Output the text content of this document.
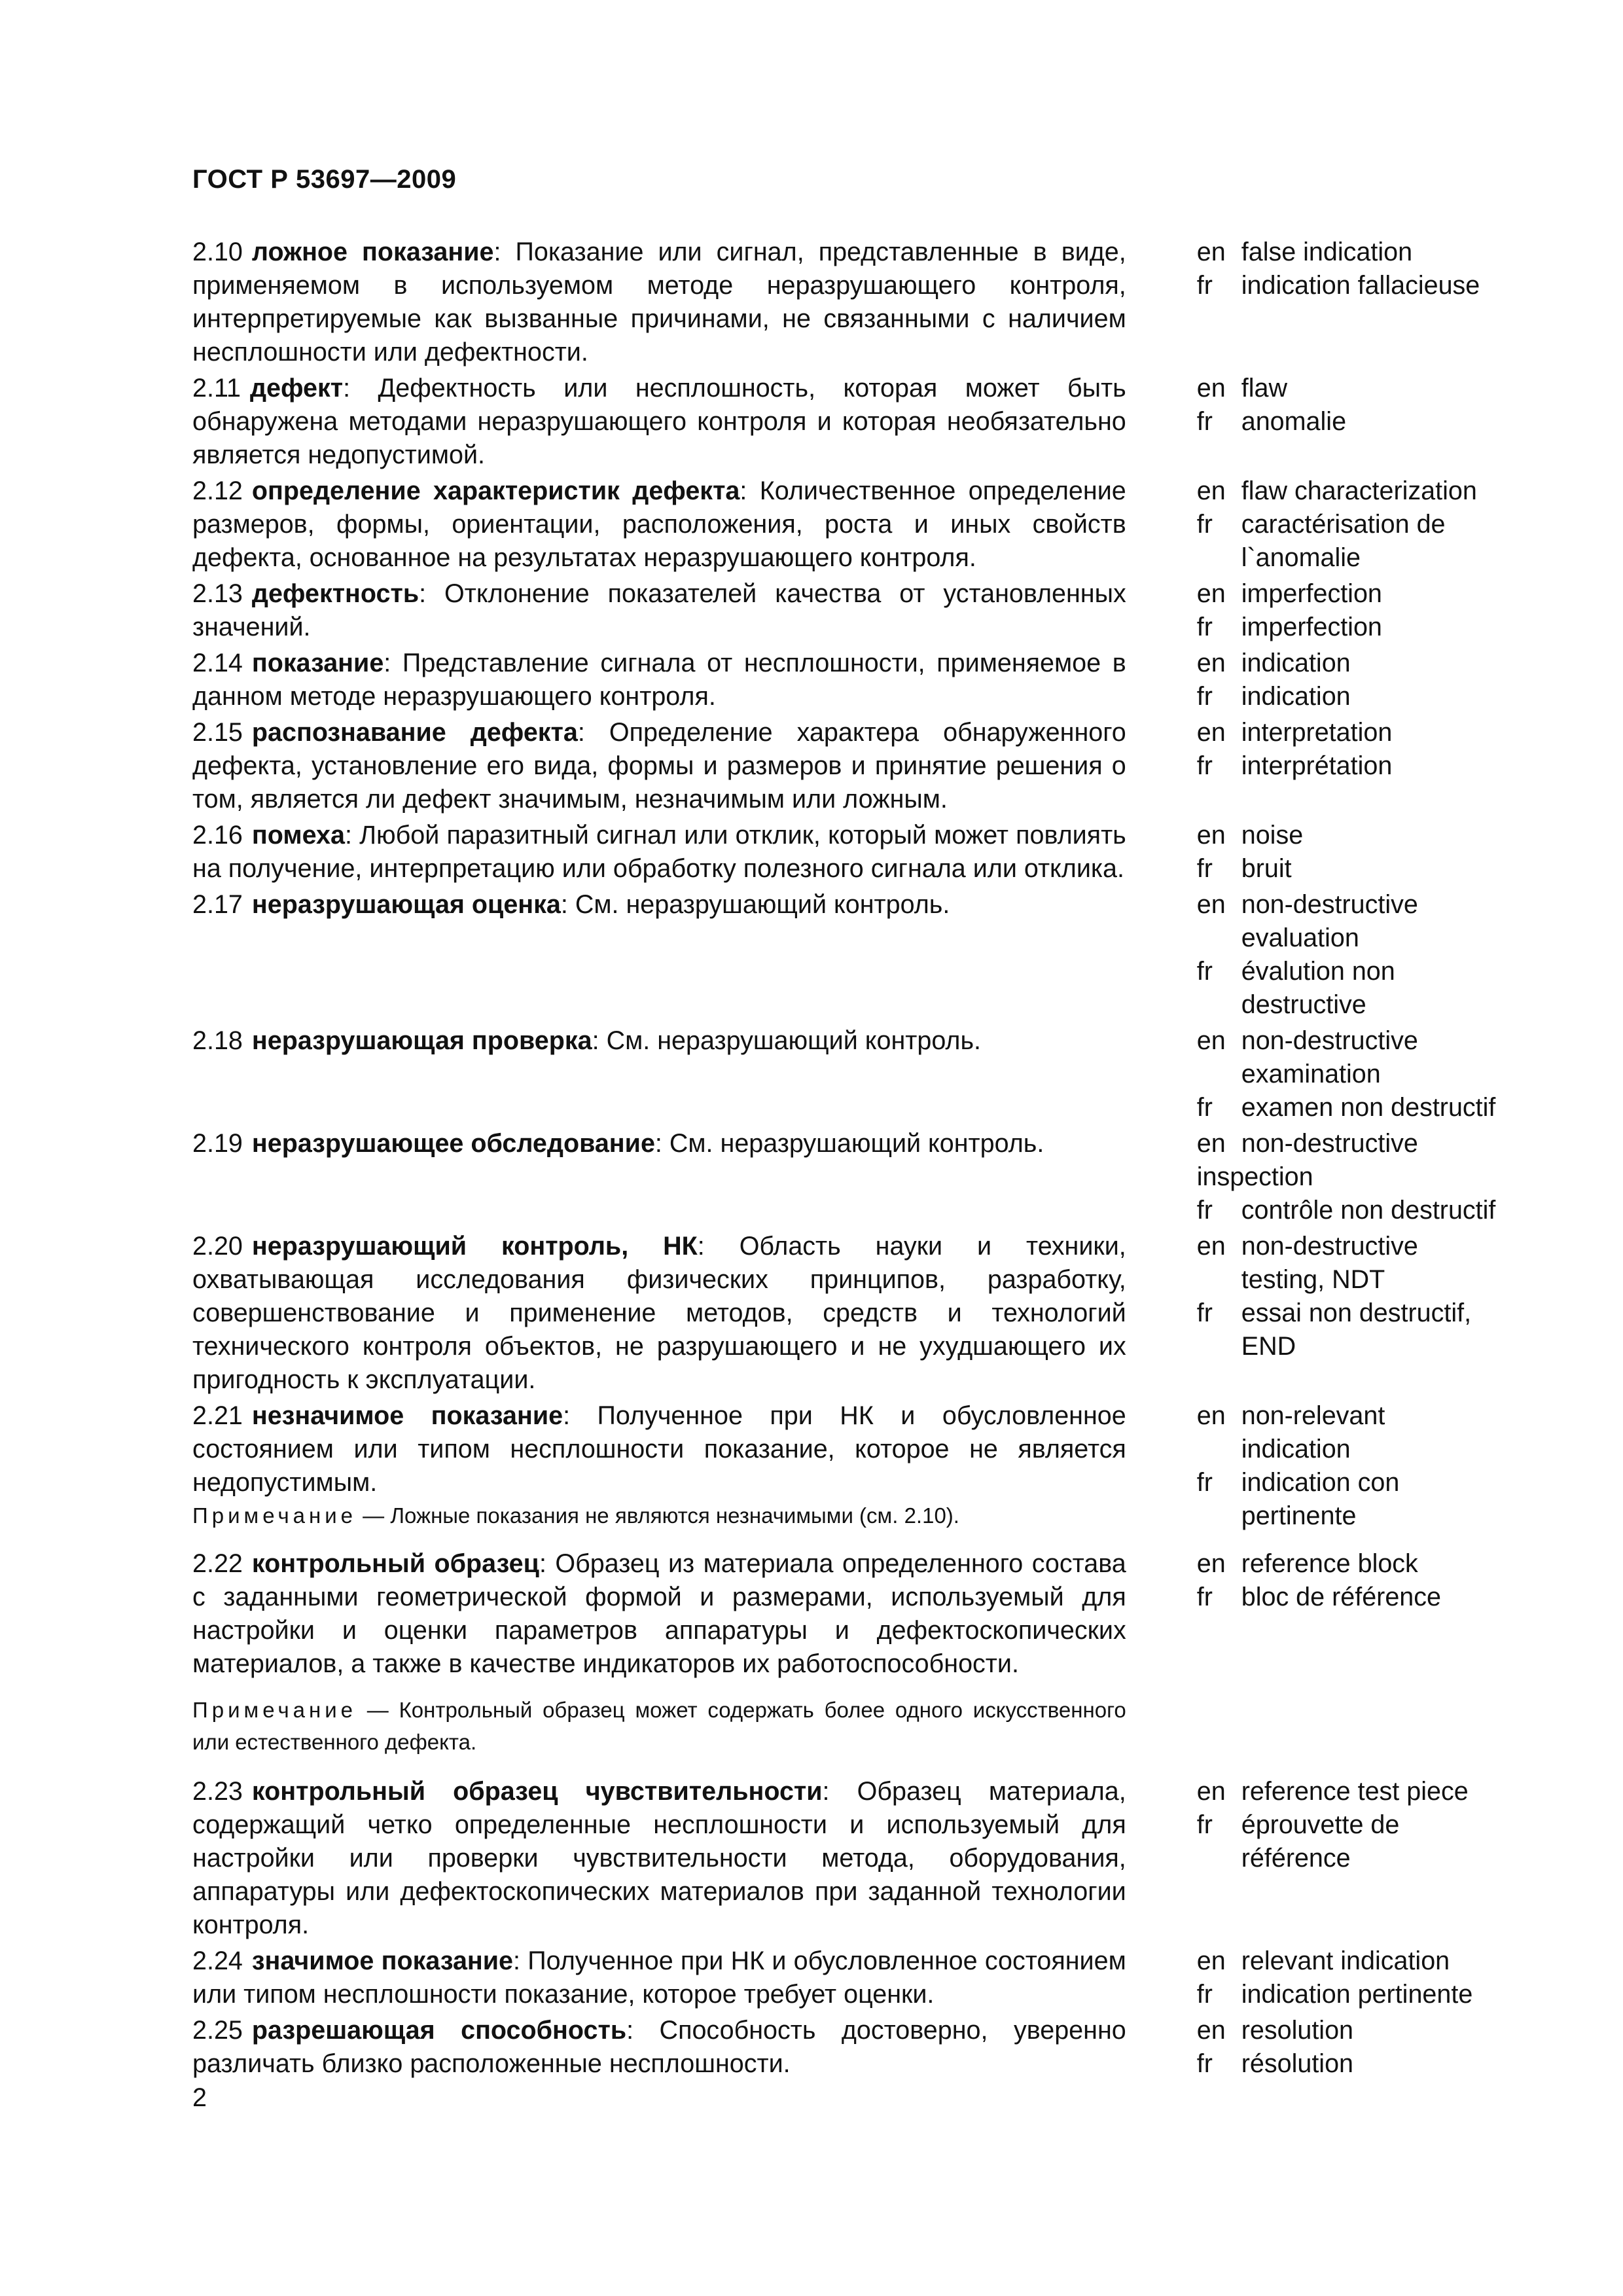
ГОСТ Р 53697—2009
2.10 ложное показание: Показание или сигнал, представленные в виде, применяемом в используемом методе неразрушающего контроля, интерпретируемые как вызванные причинами, не связанными с наличием несплошности или дефектности.
en false indication
fr	indication fallacieuse
2.11 дефект: Дефектность или несплошность, которая может быть обнаружена методами неразрушающего контроля и которая необязательно является недопустимой.
en flaw
fr	anomalie
2.12 определение характеристик дефекта: Количественное определение размеров, формы, ориентации, расположения, роста и иных свойств дефекта, основанное на результатах неразрушающего контроля.
en flaw characterization
fr	caractérisation de l`anomalie
2.13 дефектность: Отклонение показателей качества от установленных значений.
en imperfection
fr	imperfection
2.14 показание: Представление сигнала от несплошности, применяемое в данном методе неразрушающего контроля.
en indication
fr	indication
2.15 распознавание дефекта: Определение характера обнаруженного дефекта, установление его вида, формы и размеров и принятие решения о том, является ли дефект значимым, незначимым или ложным.
en interpretation
fr	interprétation
2.16 помеха: Любой паразитный сигнал или отклик, который может повлиять на получение, интерпретацию или обработку полезного сигнала или отклика.
en noise
fr	bruit
2.17 неразрушающая оценка: См. неразрушающий контроль.	en non-destructive evaluation
fr	évalution non destructive
2.18 неразрушающая проверка: См. неразрушающий контроль.	en non-destructive examination
fr	examen non destructif
2.19 неразрушающее обследование: См. неразрушающий контроль.	en non-destructive inspection
fr	contrôle non destructif
2.20 неразрушающий контроль, НК: Область науки и техники, охватывающая исследования физических принципов, разработку, совершенствование и применение методов, средств и технологий технического контроля объектов, не разрушающего и не ухудшающего их пригодность к эксплуатации.
en non-destructive testing, NDT
fr	essai non destructif, END
2.21 незначимое показание: Полученное при НК и обусловленное состоянием или типом несплошности показание, которое не является недопустимым.
Примечание — Ложные показания не являются незначимыми (см. 2.10).
en non-relevant indication
fr	indication con pertinente
2.22 контрольный образец: Образец из материала определенного состава с заданными геометрической формой и размерами, используемый для настройки и оценки параметров аппаратуры и дефектоскопических материалов, а также в качестве индикаторов их работоспособности.
Примечание — Контрольный образец может содержать более одного искусственного или естественного дефекта.
en reference block
fr	bloc de référence
2.23 контрольный образец чувствительности: Образец материала, содержащий четко определенные несплошности и используемый для настройки или проверки чувствительности метода, оборудования, аппаратуры или дефектоскопических материалов при заданной технологии контроля.
en reference test piece
fr	éprouvette de référence
2.24 значимое показание: Полученное при НК и обусловленное состоянием или типом несплошности показание, которое требует оценки.
en relevant indication
fr	indication pertinente
2.25 разрешающая способность: Способность достоверно, уверенно различать близко расположенные несплошности.
en resolution
fr	résolution
2
